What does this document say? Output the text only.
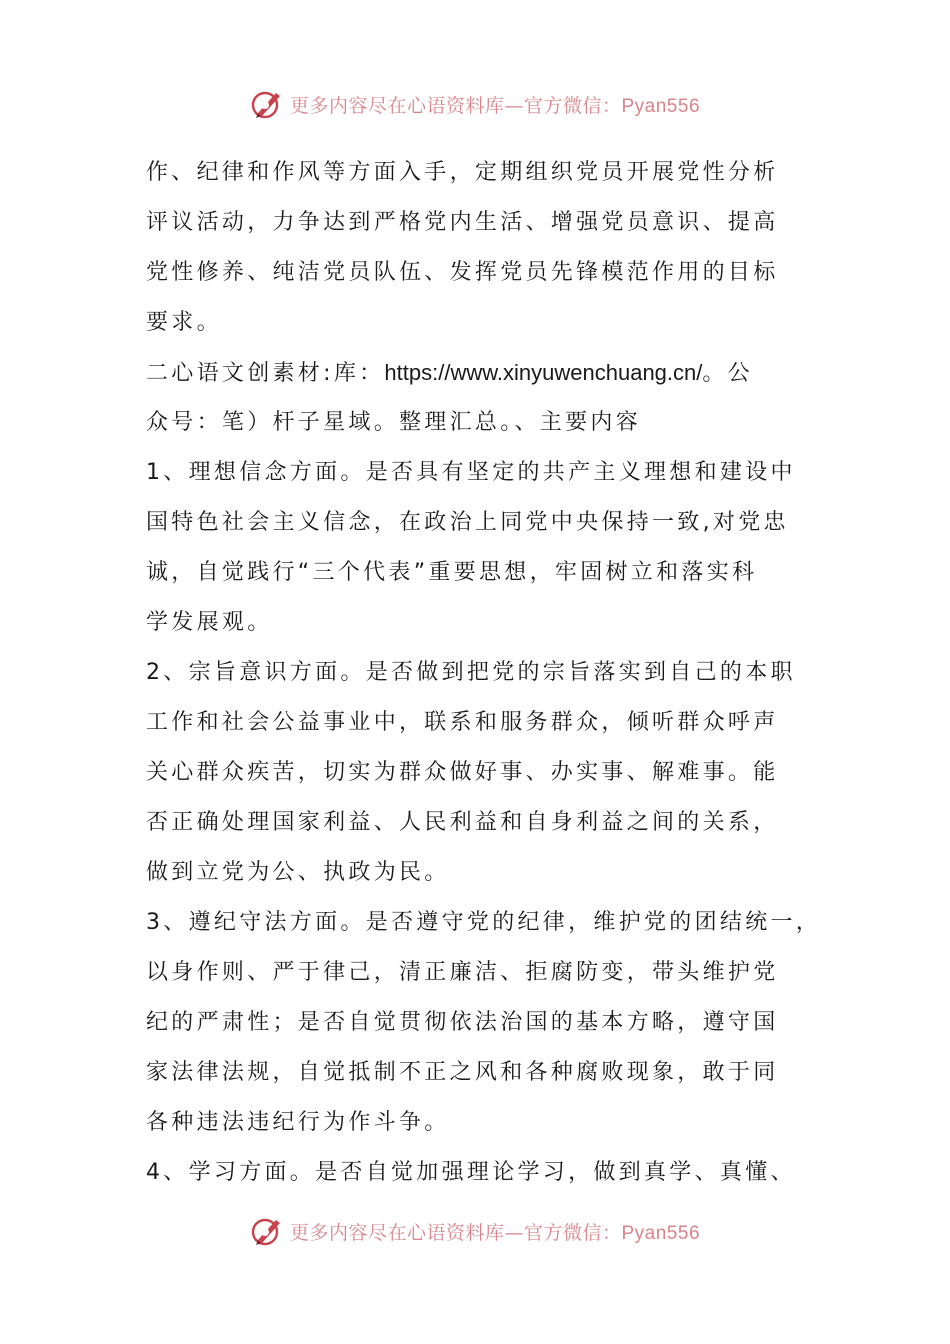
更多内容尽在心语资料库—官方微信：Pyan556
作、纪律和作风等方面入手，定期组织党员开展党性分析
评议活动，力争达到严格党内生活、增强党员意识、提高
党性修养、纯洁党员队伍、发挥党员先锋模范作用的目标
要求。
二心语文创素材:库：https://www.xinyuwenchuang.cn/。公
众号：笔）杆子星域。整理汇总。、主要内容
1、理想信念方面。是否具有坚定的共产主义理想和建设中
国特色社会主义信念，在政治上同党中央保持一致,对党忠
诚，自觉践行“三个代表”重要思想，牢固树立和落实科
学发展观。
2、宗旨意识方面。是否做到把党的宗旨落实到自己的本职
工作和社会公益事业中，联系和服务群众，倾听群众呼声
关心群众疾苦，切实为群众做好事、办实事、解难事。能
否正确处理国家利益、人民利益和自身利益之间的关系，
做到立党为公、执政为民。
3、遵纪守法方面。是否遵守党的纪律，维护党的团结统一，
以身作则、严于律己，清正廉洁、拒腐防变，带头维护党
纪的严肃性；是否自觉贯彻依法治国的基本方略，遵守国
家法律法规，自觉抵制不正之风和各种腐败现象，敢于同
各种违法违纪行为作斗争。
4、学习方面。是否自觉加强理论学习，做到真学、真懂、
更多内容尽在心语资料库—官方微信：Pyan556
